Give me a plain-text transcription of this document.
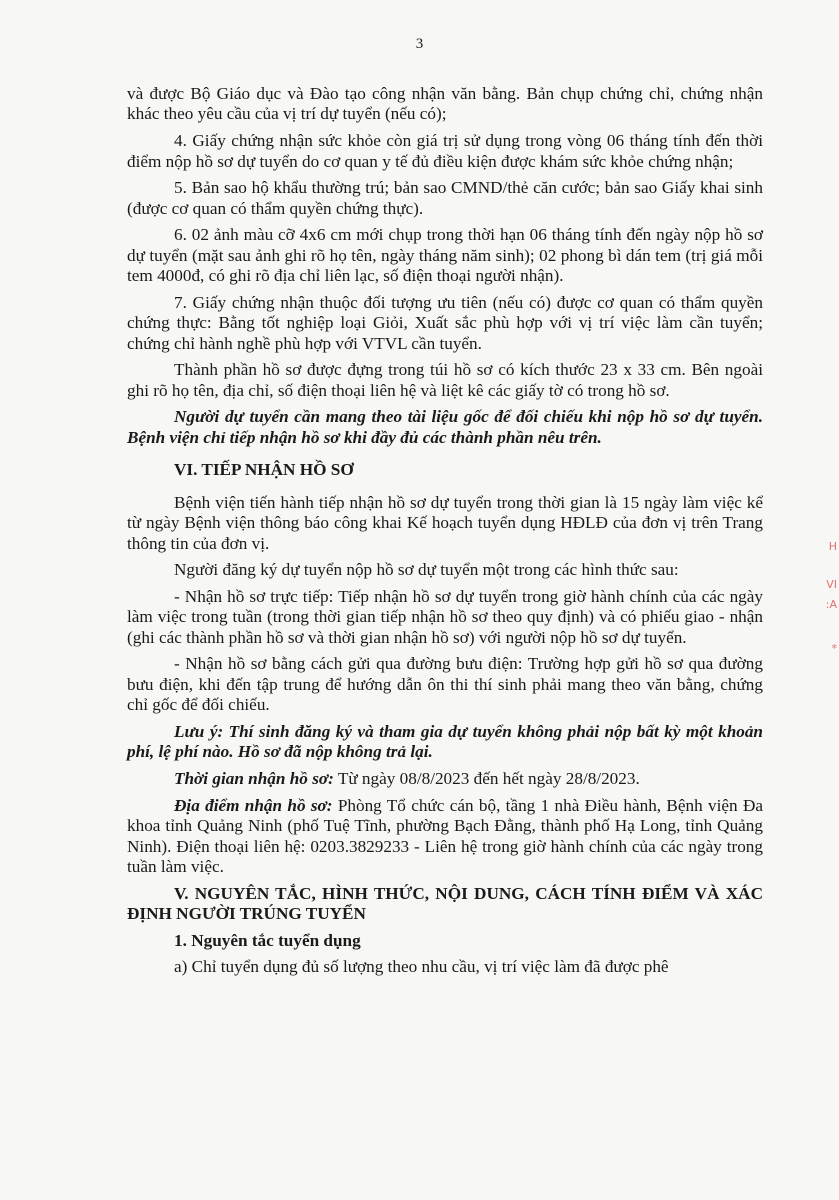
3

và được Bộ Giáo dục và Đào tạo công nhận văn bằng. Bản chụp chứng chỉ, chứng nhận khác theo yêu cầu của vị trí dự tuyển (nếu có);

4. Giấy chứng nhận sức khỏe còn giá trị sử dụng trong vòng 06 tháng tính đến thời điểm nộp hồ sơ dự tuyển do cơ quan y tế đủ điều kiện được khám sức khỏe chứng nhận;

5. Bản sao hộ khẩu thường trú; bản sao CMND/thẻ căn cước; bản sao Giấy khai sinh (được cơ quan có thẩm quyền chứng thực).

6. 02 ảnh màu cỡ 4x6 cm mới chụp trong thời hạn 06 tháng tính đến ngày nộp hồ sơ dự tuyển (mặt sau ảnh ghi rõ họ tên, ngày tháng năm sinh); 02 phong bì dán tem (trị giá mỗi tem 4000đ, có ghi rõ địa chỉ liên lạc, số điện thoại người nhận).

7. Giấy chứng nhận thuộc đối tượng ưu tiên (nếu có) được cơ quan có thẩm quyền chứng thực: Bằng tốt nghiệp loại Giỏi, Xuất sắc phù hợp với vị trí việc làm cần tuyển; chứng chỉ hành nghề phù hợp với VTVL cần tuyển.

Thành phần hồ sơ được đựng trong túi hồ sơ có kích thước 23 x 33 cm. Bên ngoài ghi rõ họ tên, địa chỉ, số điện thoại liên hệ và liệt kê các giấy tờ có trong hồ sơ.

Người dự tuyển cần mang theo tài liệu gốc để đối chiếu khi nộp hồ sơ dự tuyển. Bệnh viện chỉ tiếp nhận hồ sơ khi đầy đủ các thành phần nêu trên.

VI. TIẾP NHẬN HỒ SƠ

Bệnh viện tiến hành tiếp nhận hồ sơ dự tuyển trong thời gian là 15 ngày làm việc kể từ ngày Bệnh viện thông báo công khai Kế hoạch tuyển dụng HĐLĐ của đơn vị trên Trang thông tin của đơn vị.

Người đăng ký dự tuyển nộp hồ sơ dự tuyển một trong các hình thức sau:

- Nhận hồ sơ trực tiếp: Tiếp nhận hồ sơ dự tuyển trong giờ hành chính của các ngày làm việc trong tuần (trong thời gian tiếp nhận hồ sơ theo quy định) và có phiếu giao - nhận (ghi các thành phần hồ sơ và thời gian nhận hồ sơ) với người nộp hồ sơ dự tuyển.

- Nhận hồ sơ bằng cách gửi qua đường bưu điện: Trường hợp gửi hồ sơ qua đường bưu điện, khi đến tập trung để hướng dẫn ôn thi thí sinh phải mang theo văn bằng, chứng chỉ gốc để đối chiếu.

Lưu ý: Thí sinh đăng ký và tham gia dự tuyển không phải nộp bất kỳ một khoản phí, lệ phí nào. Hồ sơ đã nộp không trả lại.

Thời gian nhận hồ sơ: Từ ngày 08/8/2023 đến hết ngày 28/8/2023.

Địa điểm nhận hồ sơ: Phòng Tổ chức cán bộ, tầng 1 nhà Điều hành, Bệnh viện Đa khoa tỉnh Quảng Ninh (phố Tuệ Tĩnh, phường Bạch Đằng, thành phố Hạ Long, tỉnh Quảng Ninh). Điện thoại liên hệ: 0203.3829233 - Liên hệ trong giờ hành chính của các ngày trong tuần làm việc.

V. NGUYÊN TẮC, HÌNH THỨC, NỘI DUNG, CÁCH TÍNH ĐIỂM VÀ XÁC ĐỊNH NGƯỜI TRÚNG TUYỂN

1. Nguyên tắc tuyển dụng

a) Chỉ tuyển dụng đủ số lượng theo nhu cầu, vị trí việc làm đã được phê

H
VI
:A
*
